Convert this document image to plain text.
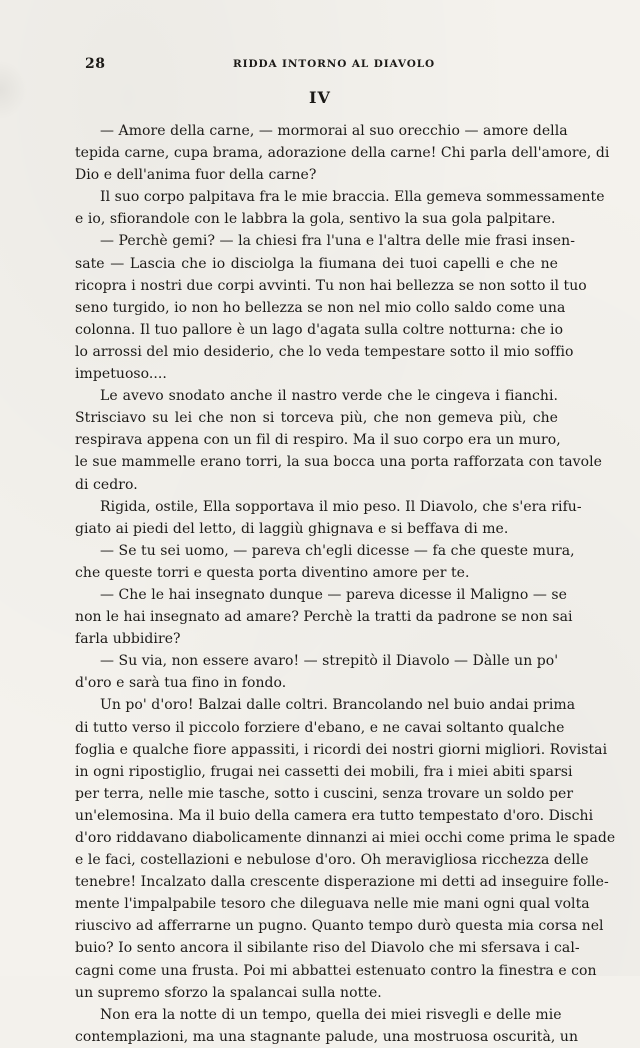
28	RIDDA INTORNO AL DIAVOLO
IV
— Amore della carne, — mormorai al suo orecchio — amore della
tepida carne, cupa brama, adorazione della carne! Chi parla dell'amore, di
Dio e dell'anima fuor della carne?
Il suo corpo palpitava fra le mie braccia. Ella gemeva sommessamente
e io, sfiorandole con le labbra la gola, sentivo la sua gola palpitare.
— Perchè gemi? — la chiesi fra l'una e l'altra delle mie frasi insen-
sate — Lascia che io disciolga la fiumana dei tuoi capelli e che ne
ricopra i nostri due corpi avvinti. Tu non hai bellezza se non sotto il tuo
seno turgido, io non ho bellezza se non nel mio collo saldo come una
colonna. Il tuo pallore è un lago d'agata sulla coltre notturna: che io
lo arrossi del mio desiderio, che lo veda tempestare sotto il mio soffio
impetuoso....
Le avevo snodato anche il nastro verde che le cingeva i fianchi.
Strisciavo su lei che non si torceva più, che non gemeva più, che
respirava appena con un fil di respiro. Ma il suo corpo era un muro,
le sue mammelle erano torri, la sua bocca una porta rafforzata con tavole
di cedro.
Rigida, ostile, Ella sopportava il mio peso. Il Diavolo, che s'era rifu-
giato ai piedi del letto, di laggiù ghignava e si beffava di me.
— Se tu sei uomo, — pareva ch'egli dicesse — fa che queste mura,
che queste torri e questa porta diventino amore per te.
— Che le hai insegnato dunque — pareva dicesse il Maligno — se
non le hai insegnato ad amare? Perchè la tratti da padrone se non sai
farla ubbidire?
— Su via, non essere avaro! — strepitò il Diavolo — Dàlle un po'
d'oro e sarà tua fino in fondo.
Un po' d'oro! Balzai dalle coltri. Brancolando nel buio andai prima
di tutto verso il piccolo forziere d'ebano, e ne cavai soltanto qualche
foglia e qualche fiore appassiti, i ricordi dei nostri giorni migliori. Rovistai
in ogni ripostiglio, frugai nei cassetti dei mobili, fra i miei abiti sparsi
per terra, nelle mie tasche, sotto i cuscini, senza trovare un soldo per
un'elemosina. Ma il buio della camera era tutto tempestato d'oro. Dischi
d'oro riddavano diabolicamente dinnanzi ai miei occhi come prima le spade
e le faci, costellazioni e nebulose d'oro. Oh meravigliosa ricchezza delle
tenebre! Incalzato dalla crescente disperazione mi detti ad inseguire folle-
mente l'impalpabile tesoro che dileguava nelle mie mani ogni qual volta
riuscivo ad afferrarne un pugno. Quanto tempo durò questa mia corsa nel
buio? Io sento ancora il sibilante riso del Diavolo che mi sfersava i cal-
cagni come una frusta. Poi mi abbattei estenuato contro la finestra e con
un supremo sforzo la spalancai sulla notte.
Non era la notte di un tempo, quella dei miei risvegli e delle mie
contemplazioni, ma una stagnante palude, una mostruosa oscurità, un
